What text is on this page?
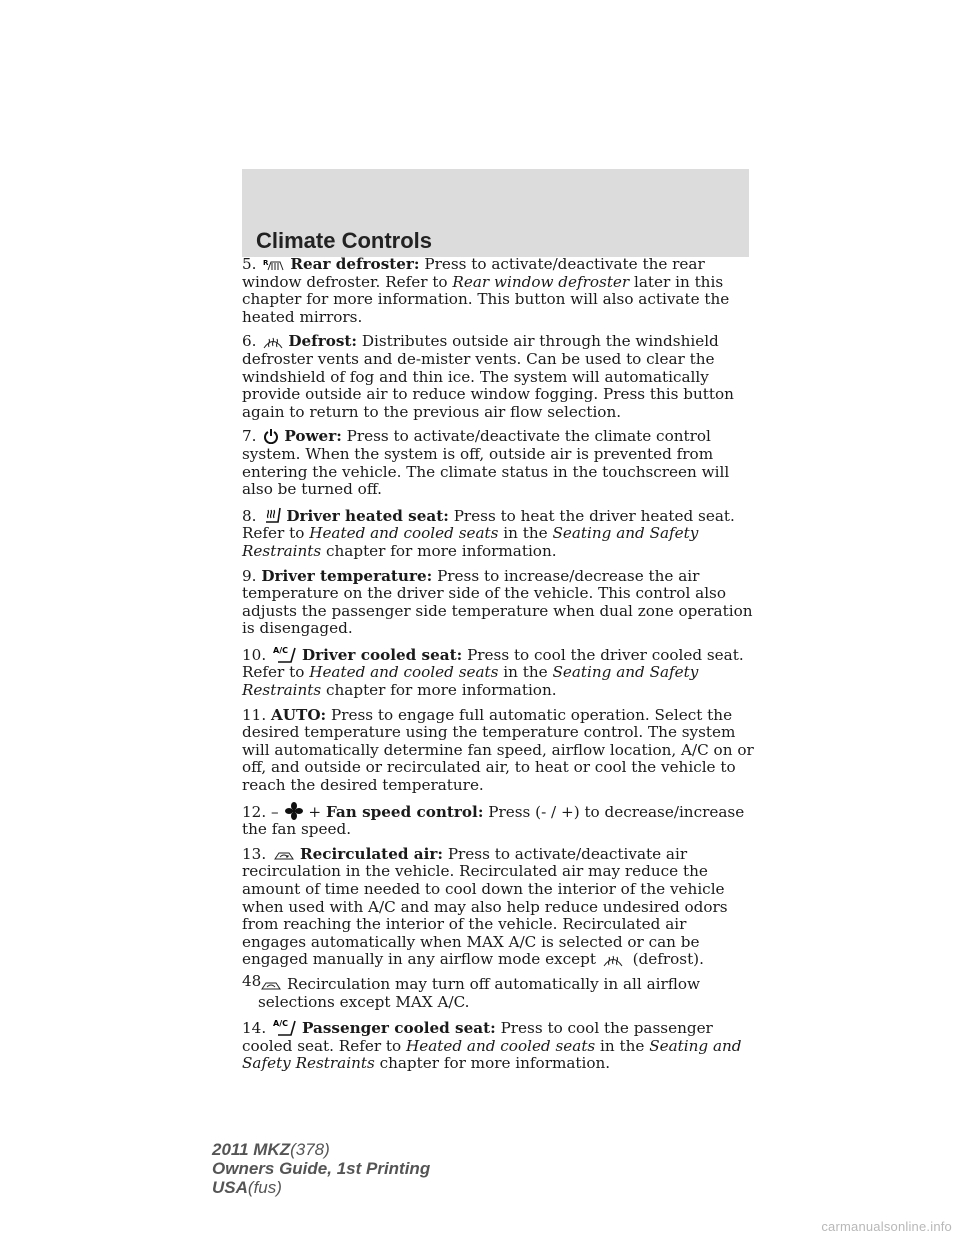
Climate Controls

5. R Rear defroster: Press to activate/deactivate the rear window defroster. Refer to Rear window defroster later in this chapter for more information. This button will also activate the heated mirrors.

6. Defrost: Distributes outside air through the windshield defroster vents and de-mister vents. Can be used to clear the windshield of fog and thin ice. The system will automatically provide outside air to reduce window fogging. Press this button again to return to the previous air flow selection.

7. Power: Press to activate/deactivate the climate control system. When the system is off, outside air is prevented from entering the vehicle. The climate status in the touchscreen will also be turned off.

8. Driver heated seat: Press to heat the driver heated seat. Refer to Heated and cooled seats in the Seating and Safety Restraints chapter for more information.

9. Driver temperature: Press to increase/decrease the air temperature on the driver side of the vehicle. This control also adjusts the passenger side temperature when dual zone operation is disengaged.

10. A/C Driver cooled seat: Press to cool the driver cooled seat. Refer to Heated and cooled seats in the Seating and Safety Restraints chapter for more information.

11. AUTO: Press to engage full automatic operation. Select the desired temperature using the temperature control. The system will automatically determine fan speed, airflow location, A/C on or off, and outside or recirculated air, to heat or cool the vehicle to reach the desired temperature.

12. – + Fan speed control: Press (- / +) to decrease/increase the fan speed.

13. Recirculated air: Press to activate/deactivate air recirculation in the vehicle. Recirculated air may reduce the amount of time needed to cool down the interior of the vehicle when used with A/C and may also help reduce undesired odors from reaching the interior of the vehicle. Recirculated air engages automatically when MAX A/C is selected or can be engaged manually in any airflow mode except
(defrost).

Recirculation may turn off automatically in all airflow selections except MAX A/C.

14. A/C Passenger cooled seat: Press to cool the passenger cooled seat. Refer to Heated and cooled seats in the Seating and Safety Restraints chapter for more information.

48
2011 MKZ(378)
Owners Guide, 1st Printing
USA(fus)
carmanualsonline.info
